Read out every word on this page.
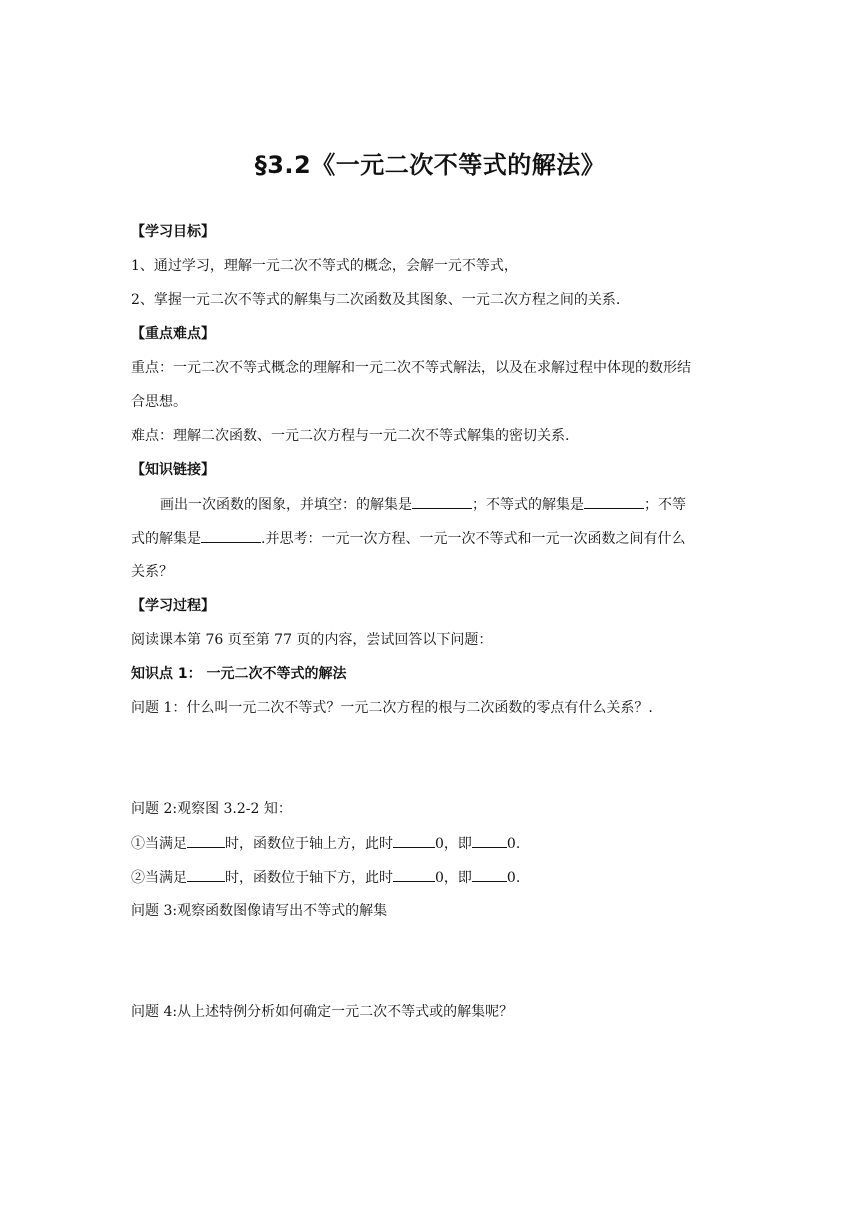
§3.2《一元二次不等式的解法》
【学习目标】
1、通过学习，理解一元二次不等式的概念，会解一元不等式，
2、掌握一元二次不等式的解集与二次函数及其图象、一元二次方程之间的关系.
【重点难点】
重点：一元二次不等式概念的理解和一元二次不等式解法，以及在求解过程中体现的数形结
合思想。
难点：理解二次函数、一元二次方程与一元二次不等式解集的密切关系.
【知识链接】
画出一次函数的图象，并填空：的解集是	；不等式的解集是	；不等
式的解集是	.并思考：一元一次方程、一元一次不等式和一元一次函数之间有什么
关系？
【学习过程】
阅读课本第 76 页至第 77 页的内容，尝试回答以下问题：
知识点 1： 一元二次不等式的解法
问题 1：什么叫一元二次不等式？一元二次方程的根与二次函数的零点有什么关系？.
问题 2:观察图 3.2-2 知：
①当满足	时，函数位于轴上方，此时	0，即	0.
②当满足	时，函数位于轴下方，此时	0，即	0.
问题 3:观察函数图像请写出不等式的解集
问题 4:从上述特例分析如何确定一元二次不等式或的解集呢？
